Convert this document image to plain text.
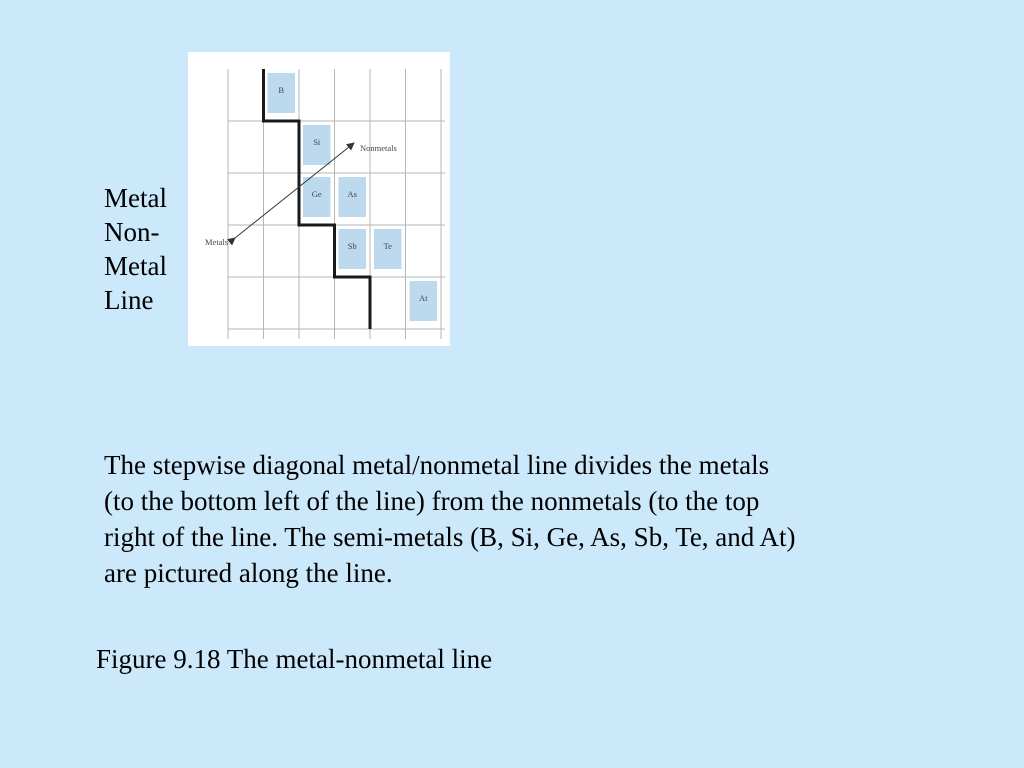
Metal
Non-
Metal
Line
B
Si
Ge	As
Sb	Te
At
Nonmetals
Metals
The stepwise diagonal metal/nonmetal line divides the metals
(to the bottom left of the line) from the nonmetals (to the top
right of the line. The semi-metals (B, Si, Ge, As, Sb, Te, and At)
are pictured along the line.
Figure 9.18 The metal-nonmetal line
